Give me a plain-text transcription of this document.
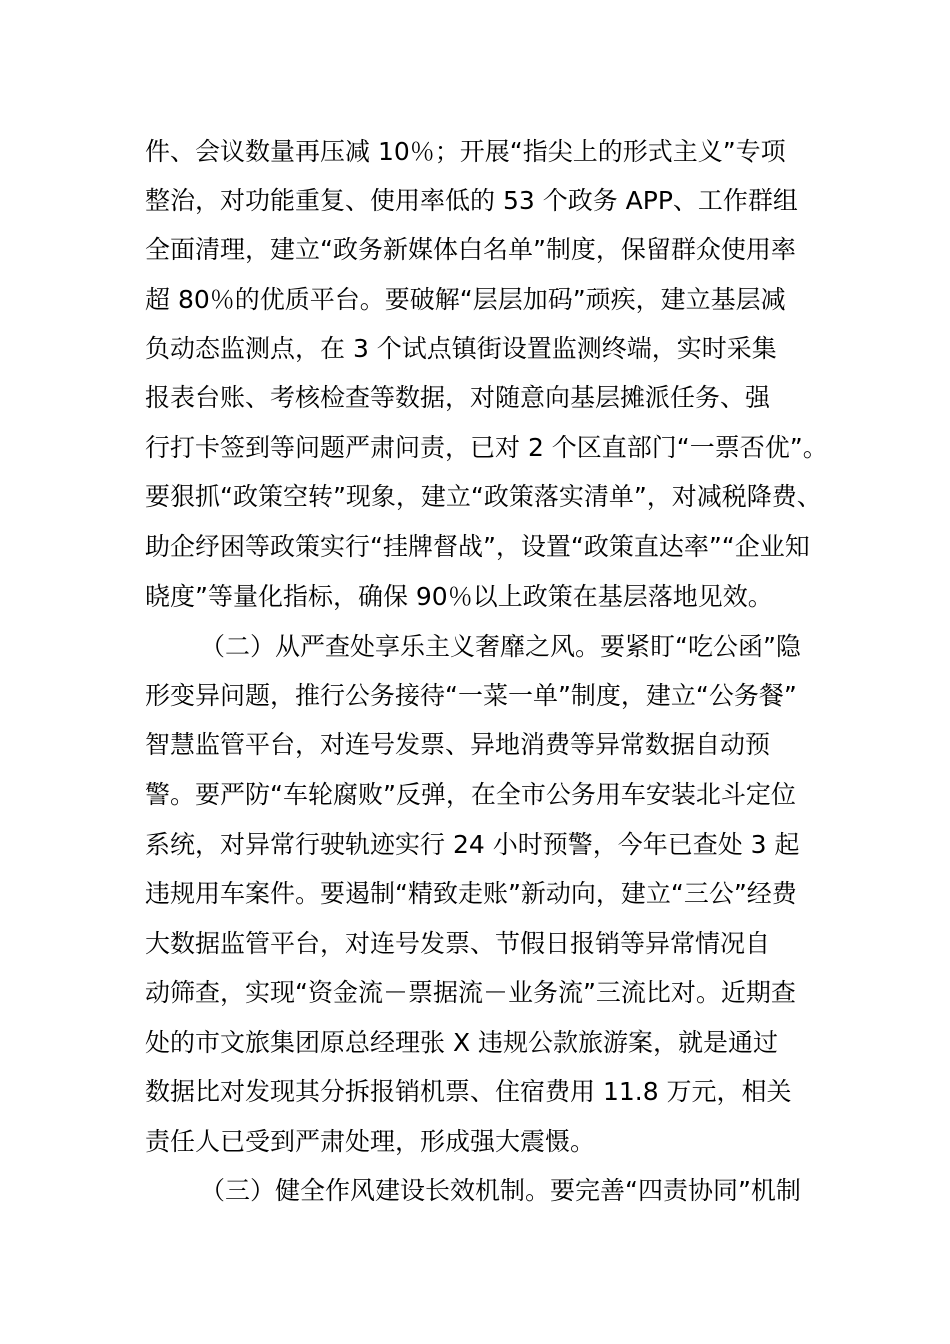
件、会议数量再压减 10％；开展“指尖上的形式主义”专项
整治，对功能重复、使用率低的 53 个政务 APP、工作群组
全面清理，建立“政务新媒体白名单”制度，保留群众使用率
超 80％的优质平台。要破解“层层加码”顽疾，建立基层减
负动态监测点，在 3 个试点镇街设置监测终端，实时采集
报表台账、考核检查等数据，对随意向基层摊派任务、强
行打卡签到等问题严肃问责，已对 2 个区直部门“一票否优”。
要狠抓“政策空转”现象，建立“政策落实清单”，对减税降费、
助企纾困等政策实行“挂牌督战”，设置“政策直达率”“企业知
晓度”等量化指标，确保 90％以上政策在基层落地见效。
（二）从严查处享乐主义奢靡之风。要紧盯“吃公函”隐
形变异问题，推行公务接待“一菜一单”制度，建立“公务餐”
智慧监管平台，对连号发票、异地消费等异常数据自动预
警。要严防“车轮腐败”反弹，在全市公务用车安装北斗定位
系统，对异常行驶轨迹实行 24 小时预警，今年已查处 3 起
违规用车案件。要遏制“精致走账”新动向，建立“三公”经费
大数据监管平台，对连号发票、节假日报销等异常情况自
动筛查，实现“资金流－票据流－业务流”三流比对。近期查
处的市文旅集团原总经理张 X 违规公款旅游案，就是通过
数据比对发现其分拆报销机票、住宿费用 11.8 万元，相关
责任人已受到严肃处理，形成强大震慑。
（三）健全作风建设长效机制。要完善“四责协同”机制
